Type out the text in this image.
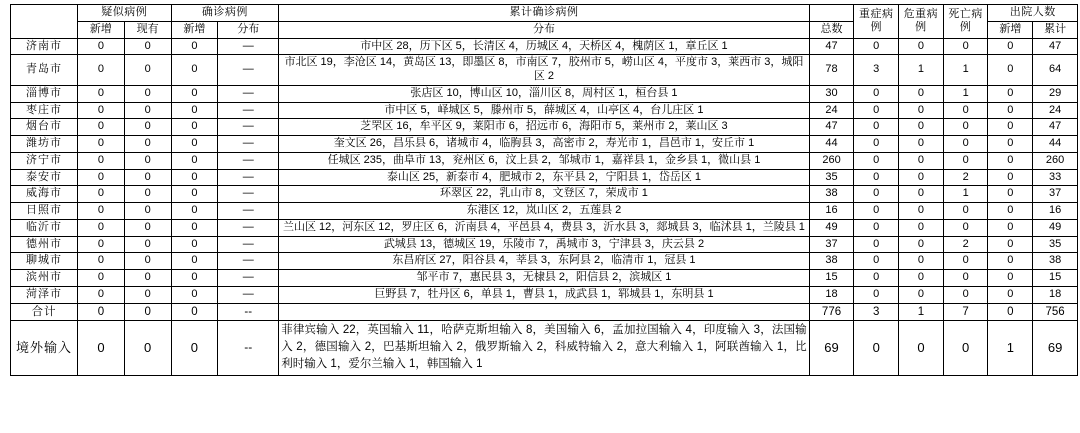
	疑似病例		确诊病例		累计确诊病例		重症病例	危重病例	死亡病例	出院人数	
	新增	现有	新增	分布	分布	总数				新增	累计
济南市	0	0	0	—	市中区 28，历下区 5，长清区 4，历城区 4，天桥区 4，槐荫区 1，章丘区 1	47	0	0	0	0	47
青岛市	0	0	0	—	市北区 19，李沧区 14，黄岛区 13，即墨区 8，市南区 7，胶州市 5，崂山区 4，平度市 3，莱西市 3，城阳区 2	78	3	1	1	0	64
淄博市	0	0	0	—	张店区 10，博山区 10，淄川区 8，周村区 1，桓台县 1	30	0	0	1	0	29
枣庄市	0	0	0	—	市中区 5，峄城区 5，滕州市 5，薛城区 4，山亭区 4，台儿庄区 1	24	0	0	0	0	24
烟台市	0	0	0	—	芝罘区 16，牟平区 9，莱阳市 6，招远市 6，海阳市 5，莱州市 2，莱山区 3	47	0	0	0	0	47
潍坊市	0	0	0	—	奎文区 26，昌乐县 6，诸城市 4，临朐县 3，高密市 2，寿光市 1，昌邑市 1，安丘市 1	44	0	0	0	0	44
济宁市	0	0	0	—	任城区 235，曲阜市 13，兖州区 6，汶上县 2，邹城市 1，嘉祥县 1，金乡县 1，微山县 1	260	0	0	0	0	260
泰安市	0	0	0	—	泰山区 25，新泰市 4，肥城市 2，东平县 2，宁阳县 1，岱岳区 1	35	0	0	2	0	33
威海市	0	0	0	—	环翠区 22，乳山市 8，文登区 7，荣成市 1	38	0	0	1	0	37
日照市	0	0	0	—	东港区 12，岚山区 2，五莲县 2	16	0	0	0	0	16
临沂市	0	0	0	—	兰山区 12，河东区 12，罗庄区 6，沂南县 4，平邑县 4，费县 3，沂水县 3，郯城县 3，临沭县 1，兰陵县 1	49	0	0	0	0	49
德州市	0	0	0	—	武城县 13，德城区 19，乐陵市 7，禹城市 3，宁津县 3，庆云县 2	37	0	0	2	0	35
聊城市	0	0	0	—	东昌府区 27，阳谷县 4，莘县 3，东阿县 2，临清市 1，冠县 1	38	0	0	0	0	38
滨州市	0	0	0	—	邹平市 7，惠民县 3，无棣县 2，阳信县 2，滨城区 1	15	0	0	0	0	15
菏泽市	0	0	0	—	巨野县 7，牡丹区 6，单县 1，曹县 1，成武县 1，郓城县 1，东明县 1	18	0	0	0	0	18
合计	0	0	0	--		776	3	1	7	0	756
境外输入	0	0	0	--	菲律宾输入 22，英国输入 11，哈萨克斯坦输入 8，美国输入 6，孟加拉国输入 4，印度输入 3，法国输入 2，德国输入 2，巴基斯坦输入 2，俄罗斯输入 2，科威特输入 2，意大利输入 1，阿联酋输入 1，比利时输入 1，爱尔兰输入 1，韩国输入 1	69	0	0	0	1	69
